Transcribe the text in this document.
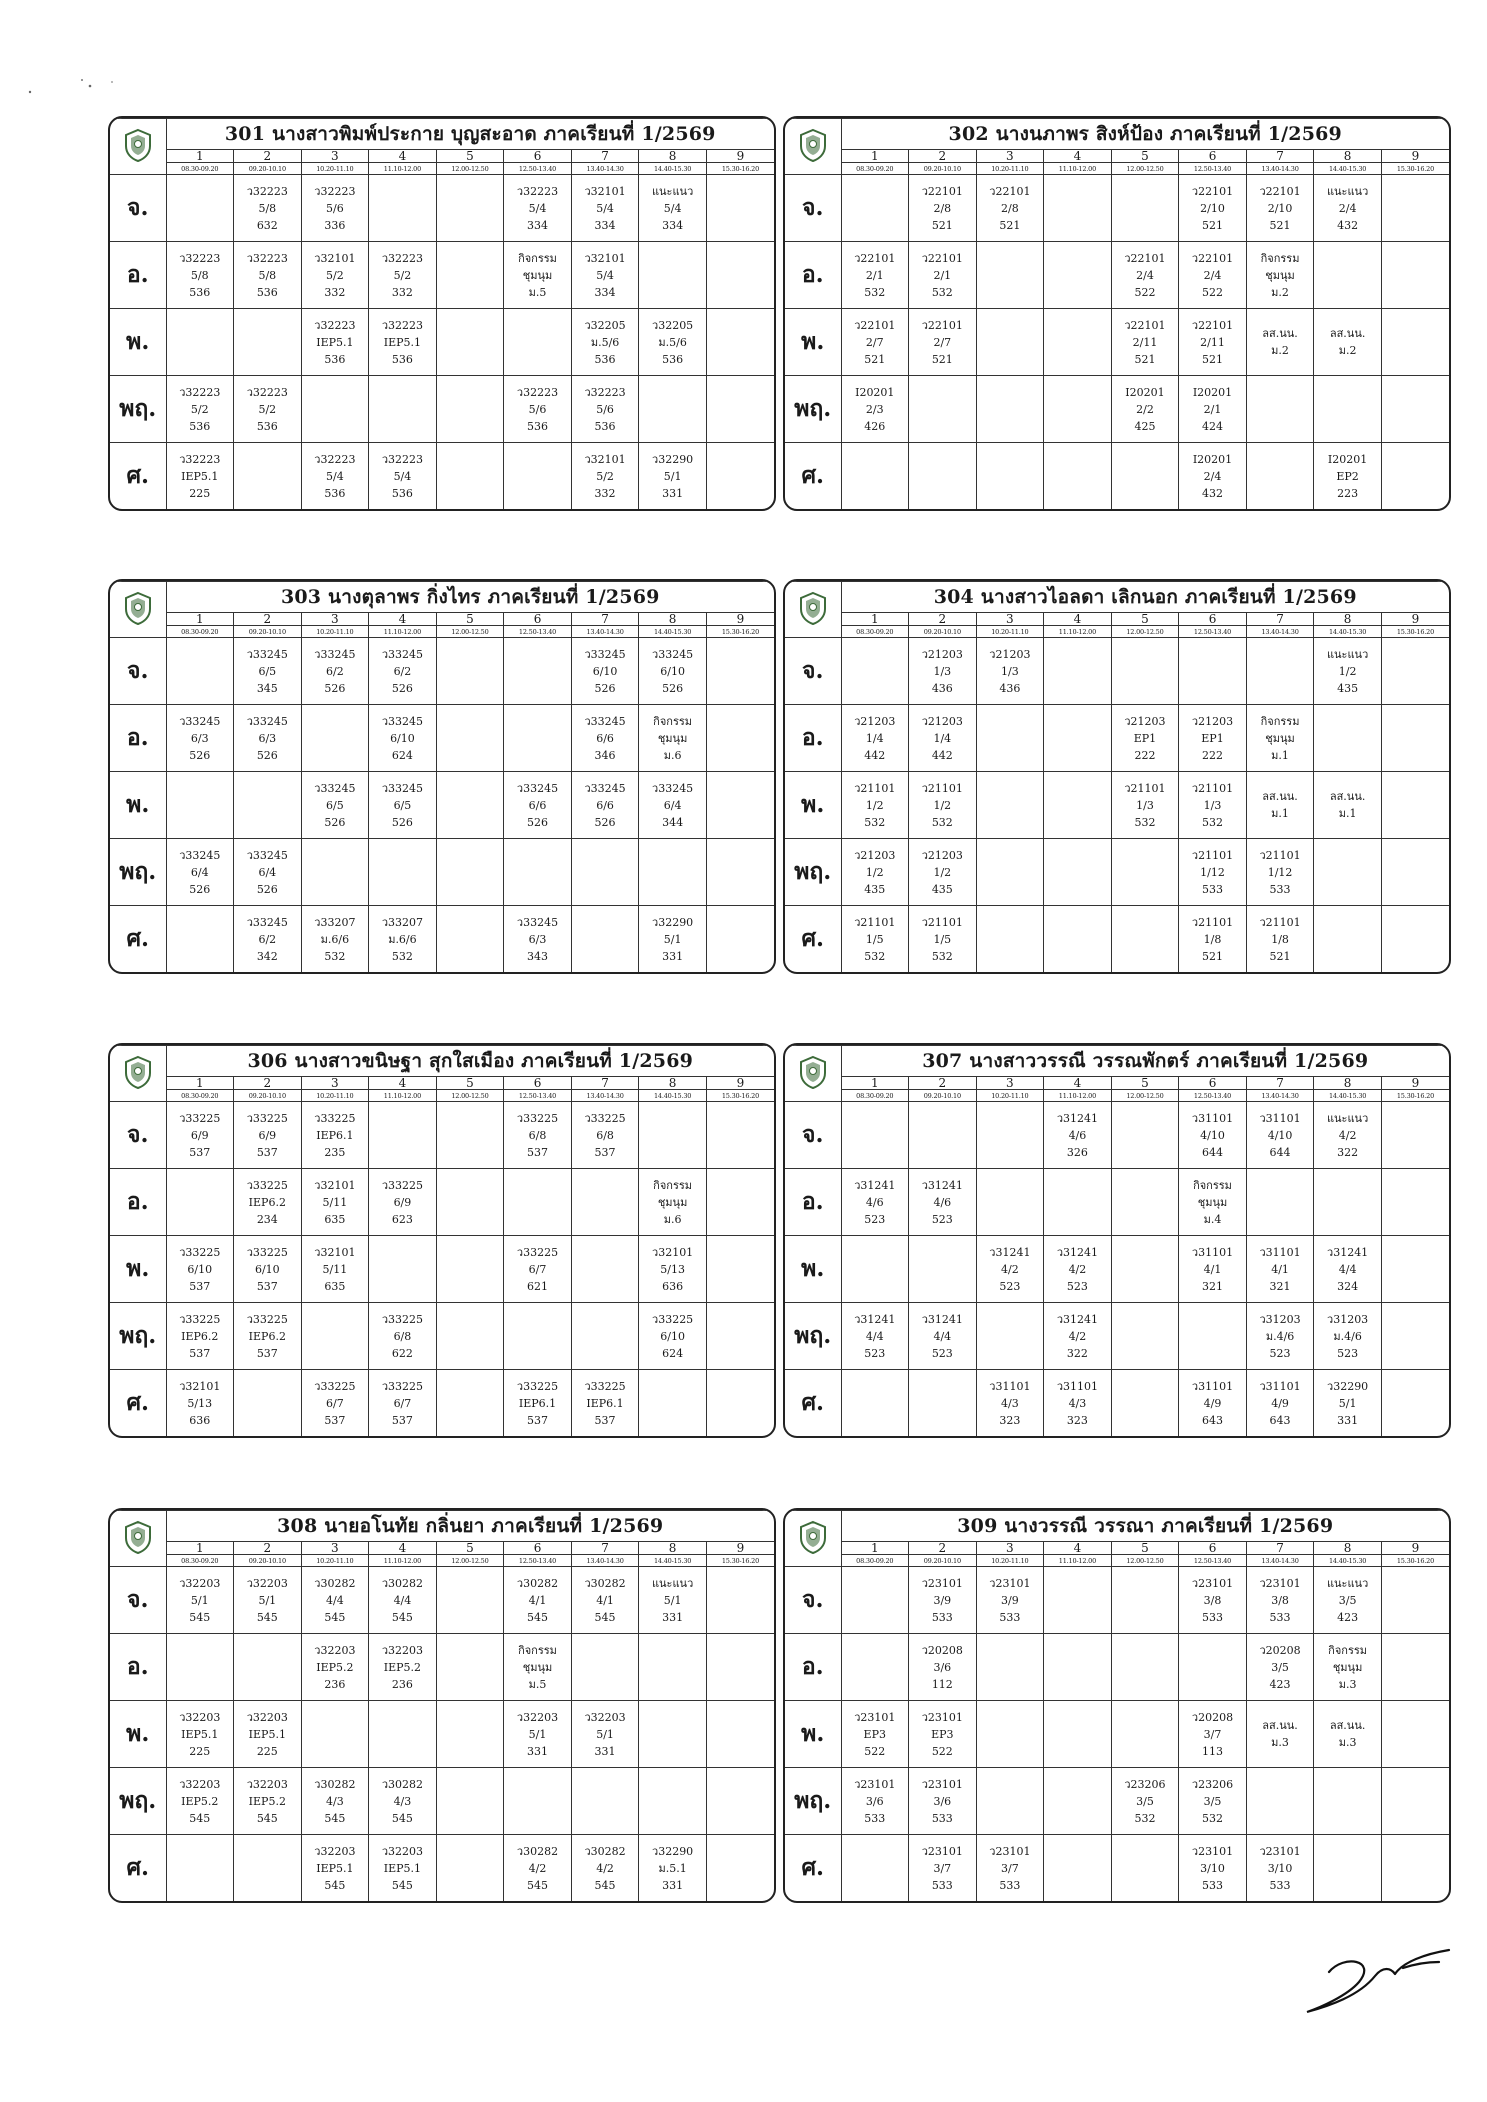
	301 นางสาวพิมพ์ประกาย บุญสะอาด ภาคเรียนที่ 1/2569								
	1	2	3	4	5	6	7	8	9
	08.30-09.20	09.20-10.10	10.20-11.10	11.10-12.00	12.00-12.50	12.50-13.40	13.40-14.30	14.40-15.30	15.30-16.20
จ.		ว32223
5/8
632	ว32223
5/6
336			ว32223
5/4
334	ว32101
5/4
334	แนะแนว
5/4
334	

อ.	ว32223
5/8
536	ว32223
5/8
536	ว32101
5/2
332	ว32223
5/2
332		กิจกรรม
ชุมนุม
ม.5	ว32101
5/4
334		

พ.			ว32223
IEP5.1
536	ว32223
IEP5.1
536			ว32205
ม.5/6
536	ว32205
ม.5/6
536	

พฤ.	ว32223
5/2
536	ว32223
5/2
536				ว32223
5/6
536	ว32223
5/6
536		

ศ.	ว32223
IEP5.1
225		ว32223
5/4
536	ว32223
5/4
536			ว32101
5/2
332	ว32290
5/1
331	

	302 นางนภาพร สิงห์ป้อง ภาคเรียนที่ 1/2569								
	1	2	3	4	5	6	7	8	9
	08.30-09.20	09.20-10.10	10.20-11.10	11.10-12.00	12.00-12.50	12.50-13.40	13.40-14.30	14.40-15.30	15.30-16.20
จ.		ว22101
2/8
521	ว22101
2/8
521			ว22101
2/10
521	ว22101
2/10
521	แนะแนว
2/4
432	

อ.	ว22101
2/1
532	ว22101
2/1
532			ว22101
2/4
522	ว22101
2/4
522	กิจกรรม
ชุมนุม
ม.2		

พ.	ว22101
2/7
521	ว22101
2/7
521			ว22101
2/11
521	ว22101
2/11
521	ลส.นน.
ม.2	ลส.นน.
ม.2	

พฤ.	I20201
2/3
426				I20201
2/2
425	I20201
2/1
424			

ศ.						I20201
2/4
432		I20201
EP2
223	

	303 นางตุลาพร กิ่งไทร ภาคเรียนที่ 1/2569								
	1	2	3	4	5	6	7	8	9
	08.30-09.20	09.20-10.10	10.20-11.10	11.10-12.00	12.00-12.50	12.50-13.40	13.40-14.30	14.40-15.30	15.30-16.20
จ.		ว33245
6/5
345	ว33245
6/2
526	ว33245
6/2
526			ว33245
6/10
526	ว33245
6/10
526	

อ.	ว33245
6/3
526	ว33245
6/3
526		ว33245
6/10
624			ว33245
6/6
346	กิจกรรม
ชุมนุม
ม.6	

พ.			ว33245
6/5
526	ว33245
6/5
526		ว33245
6/6
526	ว33245
6/6
526	ว33245
6/4
344	

พฤ.	ว33245
6/4
526	ว33245
6/4
526							

ศ.		ว33245
6/2
342	ว33207
ม.6/6
532	ว33207
ม.6/6
532		ว33245
6/3
343		ว32290
5/1
331	

	304 นางสาวไอลดา เลิกนอก ภาคเรียนที่ 1/2569								
	1	2	3	4	5	6	7	8	9
	08.30-09.20	09.20-10.10	10.20-11.10	11.10-12.00	12.00-12.50	12.50-13.40	13.40-14.30	14.40-15.30	15.30-16.20
จ.		ว21203
1/3
436	ว21203
1/3
436					แนะแนว
1/2
435	

อ.	ว21203
1/4
442	ว21203
1/4
442			ว21203
EP1
222	ว21203
EP1
222	กิจกรรม
ชุมนุม
ม.1		

พ.	ว21101
1/2
532	ว21101
1/2
532			ว21101
1/3
532	ว21101
1/3
532	ลส.นน.
ม.1	ลส.นน.
ม.1	

พฤ.	ว21203
1/2
435	ว21203
1/2
435				ว21101
1/12
533	ว21101
1/12
533		

ศ.	ว21101
1/5
532	ว21101
1/5
532				ว21101
1/8
521	ว21101
1/8
521		

	306 นางสาวขนิษฐา สุกใสเมือง ภาคเรียนที่ 1/2569								
	1	2	3	4	5	6	7	8	9
	08.30-09.20	09.20-10.10	10.20-11.10	11.10-12.00	12.00-12.50	12.50-13.40	13.40-14.30	14.40-15.30	15.30-16.20
จ.	ว33225
6/9
537	ว33225
6/9
537	ว33225
IEP6.1
235			ว33225
6/8
537	ว33225
6/8
537		

อ.		ว33225
IEP6.2
234	ว32101
5/11
635	ว33225
6/9
623				กิจกรรม
ชุมนุม
ม.6	

พ.	ว33225
6/10
537	ว33225
6/10
537	ว32101
5/11
635			ว33225
6/7
621		ว32101
5/13
636	

พฤ.	ว33225
IEP6.2
537	ว33225
IEP6.2
537		ว33225
6/8
622				ว33225
6/10
624	

ศ.	ว32101
5/13
636		ว33225
6/7
537	ว33225
6/7
537		ว33225
IEP6.1
537	ว33225
IEP6.1
537		

	307 นางสาววรรณี วรรณพักตร์ ภาคเรียนที่ 1/2569								
	1	2	3	4	5	6	7	8	9
	08.30-09.20	09.20-10.10	10.20-11.10	11.10-12.00	12.00-12.50	12.50-13.40	13.40-14.30	14.40-15.30	15.30-16.20
จ.				ว31241
4/6
326		ว31101
4/10
644	ว31101
4/10
644	แนะแนว
4/2
322	

อ.	ว31241
4/6
523	ว31241
4/6
523				กิจกรรม
ชุมนุม
ม.4			

พ.			ว31241
4/2
523	ว31241
4/2
523		ว31101
4/1
321	ว31101
4/1
321	ว31241
4/4
324	

พฤ.	ว31241
4/4
523	ว31241
4/4
523		ว31241
4/2
322			ว31203
ม.4/6
523	ว31203
ม.4/6
523	

ศ.			ว31101
4/3
323	ว31101
4/3
323		ว31101
4/9
643	ว31101
4/9
643	ว32290
5/1
331	

	308 นายอโนทัย กลิ่นยา ภาคเรียนที่ 1/2569								
	1	2	3	4	5	6	7	8	9
	08.30-09.20	09.20-10.10	10.20-11.10	11.10-12.00	12.00-12.50	12.50-13.40	13.40-14.30	14.40-15.30	15.30-16.20
จ.	ว32203
5/1
545	ว32203
5/1
545	ว30282
4/4
545	ว30282
4/4
545		ว30282
4/1
545	ว30282
4/1
545	แนะแนว
5/1
331	

อ.			ว32203
IEP5.2
236	ว32203
IEP5.2
236		กิจกรรม
ชุมนุม
ม.5			

พ.	ว32203
IEP5.1
225	ว32203
IEP5.1
225				ว32203
5/1
331	ว32203
5/1
331		

พฤ.	ว32203
IEP5.2
545	ว32203
IEP5.2
545	ว30282
4/3
545	ว30282
4/3
545					

ศ.			ว32203
IEP5.1
545	ว32203
IEP5.1
545		ว30282
4/2
545	ว30282
4/2
545	ว32290
ม.5.1
331	

	309 นางวรรณี วรรณา ภาคเรียนที่ 1/2569								
	1	2	3	4	5	6	7	8	9
	08.30-09.20	09.20-10.10	10.20-11.10	11.10-12.00	12.00-12.50	12.50-13.40	13.40-14.30	14.40-15.30	15.30-16.20
จ.		ว23101
3/9
533	ว23101
3/9
533			ว23101
3/8
533	ว23101
3/8
533	แนะแนว
3/5
423	

อ.		ว20208
3/6
112					ว20208
3/5
423	กิจกรรม
ชุมนุม
ม.3	

พ.	ว23101
EP3
522	ว23101
EP3
522				ว20208
3/7
113	ลส.นน.
ม.3	ลส.นน.
ม.3	

พฤ.	ว23101
3/6
533	ว23101
3/6
533			ว23206
3/5
532	ว23206
3/5
532			

ศ.		ว23101
3/7
533	ว23101
3/7
533			ว23101
3/10
533	ว23101
3/10
533		
